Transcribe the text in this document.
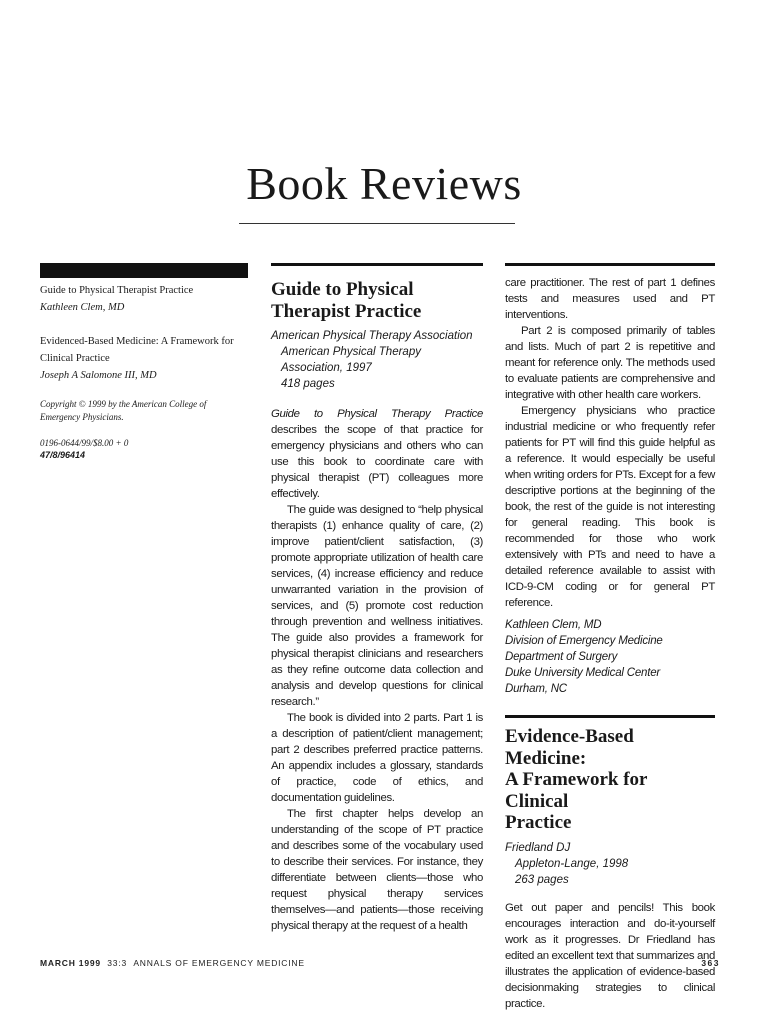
Book Reviews

Guide to Physical Therapist Practice

Kathleen Clem, MD

Evidenced-Based Medicine: A Framework for

Clinical Practice

Joseph A Salomone III, MD

Copyright © 1999 by the American College of

Emergency Physicians.

0196-0644/99/$8.00 + 0

47/8/96414

Guide to Physical
Therapist Practice

American Physical Therapy Association
American Physical Therapy
Association, 1997
418 pages

Guide to Physical Therapy Practice describes the scope of that practice for emergency physicians and others who can use this book to coordinate care with physical therapist (PT) colleagues more effectively.

The guide was designed to “help physical therapists (1) enhance quality of care, (2) improve patient/client satisfaction, (3) promote appropriate utilization of health care services, (4) increase efficiency and reduce unwarranted variation in the provision of services, and (5) promote cost reduction through prevention and wellness initiatives. The guide also provides a framework for physical therapist clinicians and researchers as they refine outcome data collection and analysis and develop questions for clinical research.”

The book is divided into 2 parts. Part 1 is a description of patient/client management; part 2 describes preferred practice patterns. An appendix includes a glossary, standards of practice, code of ethics, and documentation guidelines.

The first chapter helps develop an understanding of the scope of PT practice and describes some of the vocabulary used to describe their services. For instance, they differentiate between clients—those who request physical therapy services themselves—and patients—those receiving physical therapy at the request of a health

care practitioner. The rest of part 1 defines tests and measures used and PT interventions.

Part 2 is composed primarily of tables and lists. Much of part 2 is repetitive and meant for reference only. The methods used to evaluate patients are comprehensive and integrative with other health care workers.

Emergency physicians who practice industrial medicine or who frequently refer patients for PT will find this guide helpful as a reference. It would especially be useful when writing orders for PTs. Except for a few descriptive portions at the beginning of the book, the rest of the guide is not interesting for general reading. This book is recommended for those who work extensively with PTs and need to have a detailed reference available to assist with ICD-9-CM coding or for general PT reference.

Kathleen Clem, MD

Division of Emergency Medicine

Department of Surgery

Duke University Medical Center

Durham, NC

Evidence-Based Medicine:
A Framework for Clinical
Practice

Friedland DJ
Appleton-Lange, 1998
263 pages

Get out paper and pencils! This book encourages interaction and do-it-yourself work as it progresses. Dr Friedland has edited an excellent text that summarizes and illustrates the application of evidence-based decisionmaking strategies to clinical practice.

MARCH 1999 33:3 ANNALS OF EMERGENCY MEDICINE	363
